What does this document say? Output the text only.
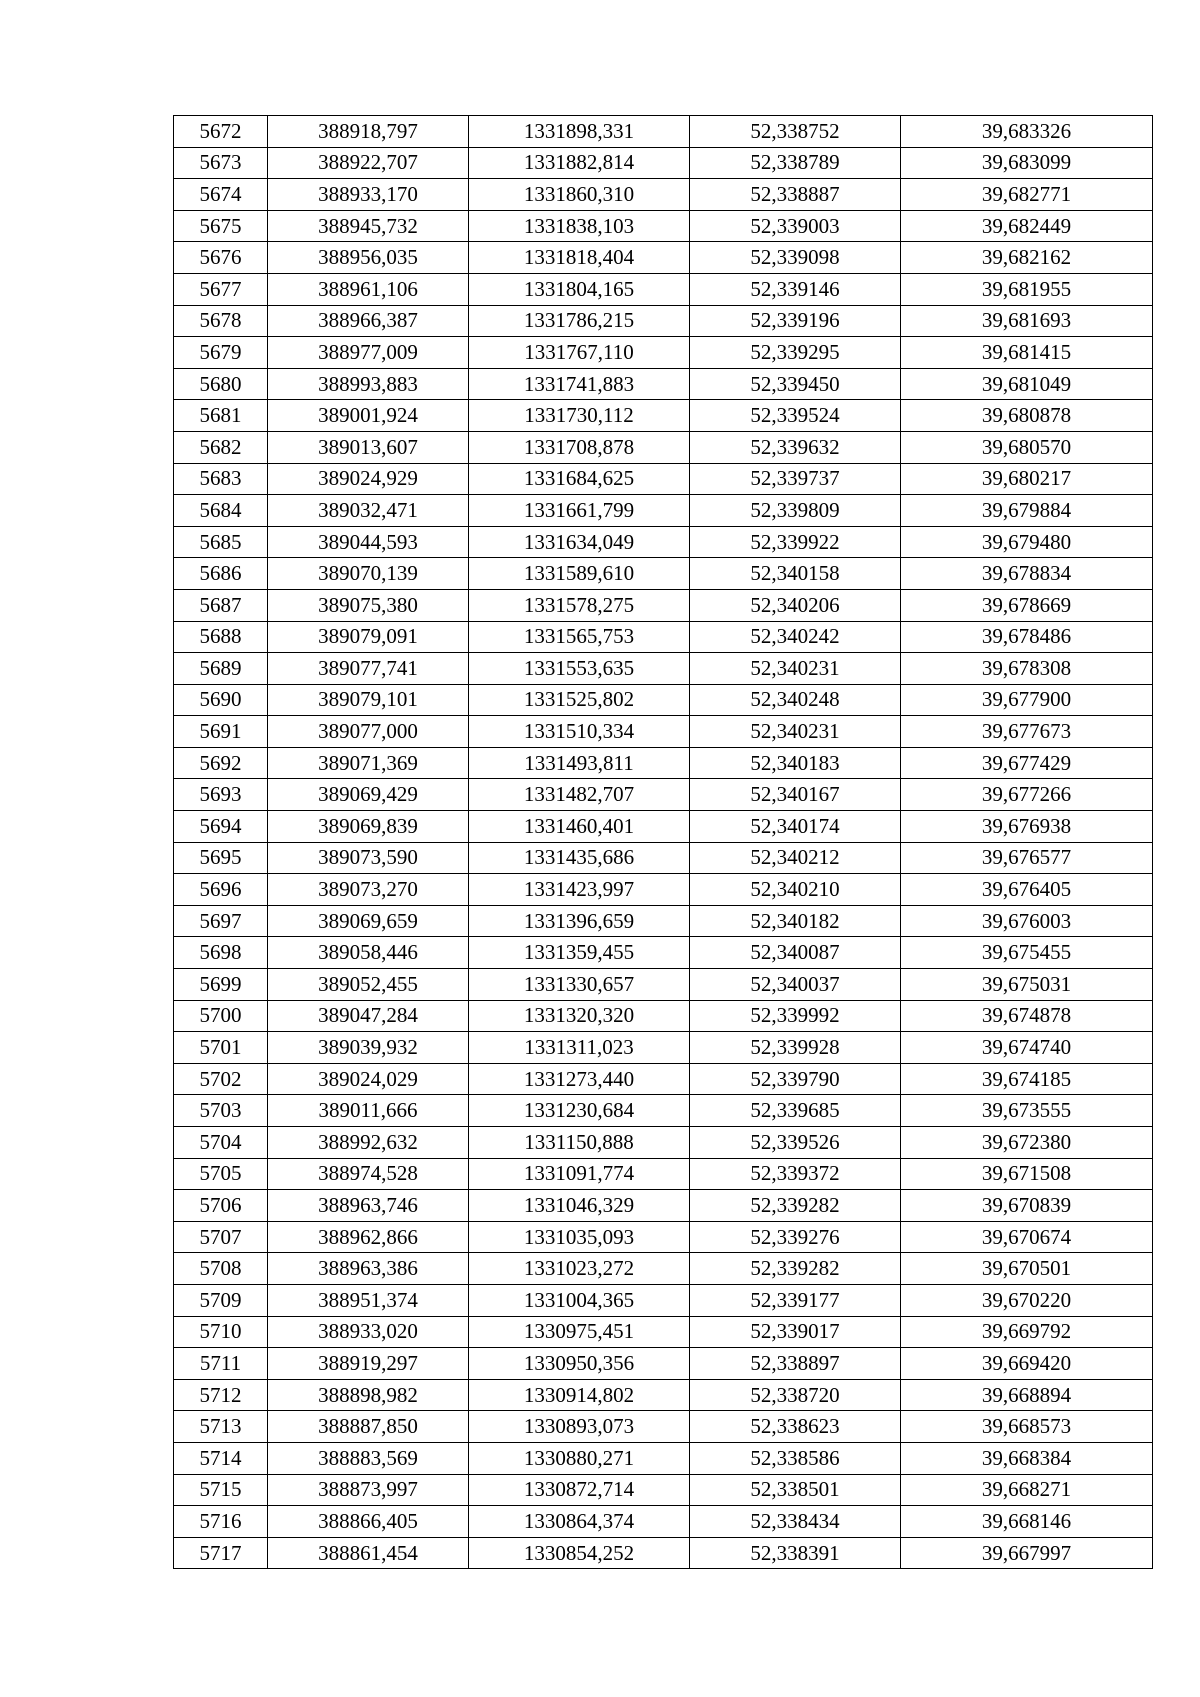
5672	388918,797	1331898,331	52,338752	39,683326
5673	388922,707	1331882,814	52,338789	39,683099
5674	388933,170	1331860,310	52,338887	39,682771
5675	388945,732	1331838,103	52,339003	39,682449
5676	388956,035	1331818,404	52,339098	39,682162
5677	388961,106	1331804,165	52,339146	39,681955
5678	388966,387	1331786,215	52,339196	39,681693
5679	388977,009	1331767,110	52,339295	39,681415
5680	388993,883	1331741,883	52,339450	39,681049
5681	389001,924	1331730,112	52,339524	39,680878
5682	389013,607	1331708,878	52,339632	39,680570
5683	389024,929	1331684,625	52,339737	39,680217
5684	389032,471	1331661,799	52,339809	39,679884
5685	389044,593	1331634,049	52,339922	39,679480
5686	389070,139	1331589,610	52,340158	39,678834
5687	389075,380	1331578,275	52,340206	39,678669
5688	389079,091	1331565,753	52,340242	39,678486
5689	389077,741	1331553,635	52,340231	39,678308
5690	389079,101	1331525,802	52,340248	39,677900
5691	389077,000	1331510,334	52,340231	39,677673
5692	389071,369	1331493,811	52,340183	39,677429
5693	389069,429	1331482,707	52,340167	39,677266
5694	389069,839	1331460,401	52,340174	39,676938
5695	389073,590	1331435,686	52,340212	39,676577
5696	389073,270	1331423,997	52,340210	39,676405
5697	389069,659	1331396,659	52,340182	39,676003
5698	389058,446	1331359,455	52,340087	39,675455
5699	389052,455	1331330,657	52,340037	39,675031
5700	389047,284	1331320,320	52,339992	39,674878
5701	389039,932	1331311,023	52,339928	39,674740
5702	389024,029	1331273,440	52,339790	39,674185
5703	389011,666	1331230,684	52,339685	39,673555
5704	388992,632	1331150,888	52,339526	39,672380
5705	388974,528	1331091,774	52,339372	39,671508
5706	388963,746	1331046,329	52,339282	39,670839
5707	388962,866	1331035,093	52,339276	39,670674
5708	388963,386	1331023,272	52,339282	39,670501
5709	388951,374	1331004,365	52,339177	39,670220
5710	388933,020	1330975,451	52,339017	39,669792
5711	388919,297	1330950,356	52,338897	39,669420
5712	388898,982	1330914,802	52,338720	39,668894
5713	388887,850	1330893,073	52,338623	39,668573
5714	388883,569	1330880,271	52,338586	39,668384
5715	388873,997	1330872,714	52,338501	39,668271
5716	388866,405	1330864,374	52,338434	39,668146
5717	388861,454	1330854,252	52,338391	39,667997
